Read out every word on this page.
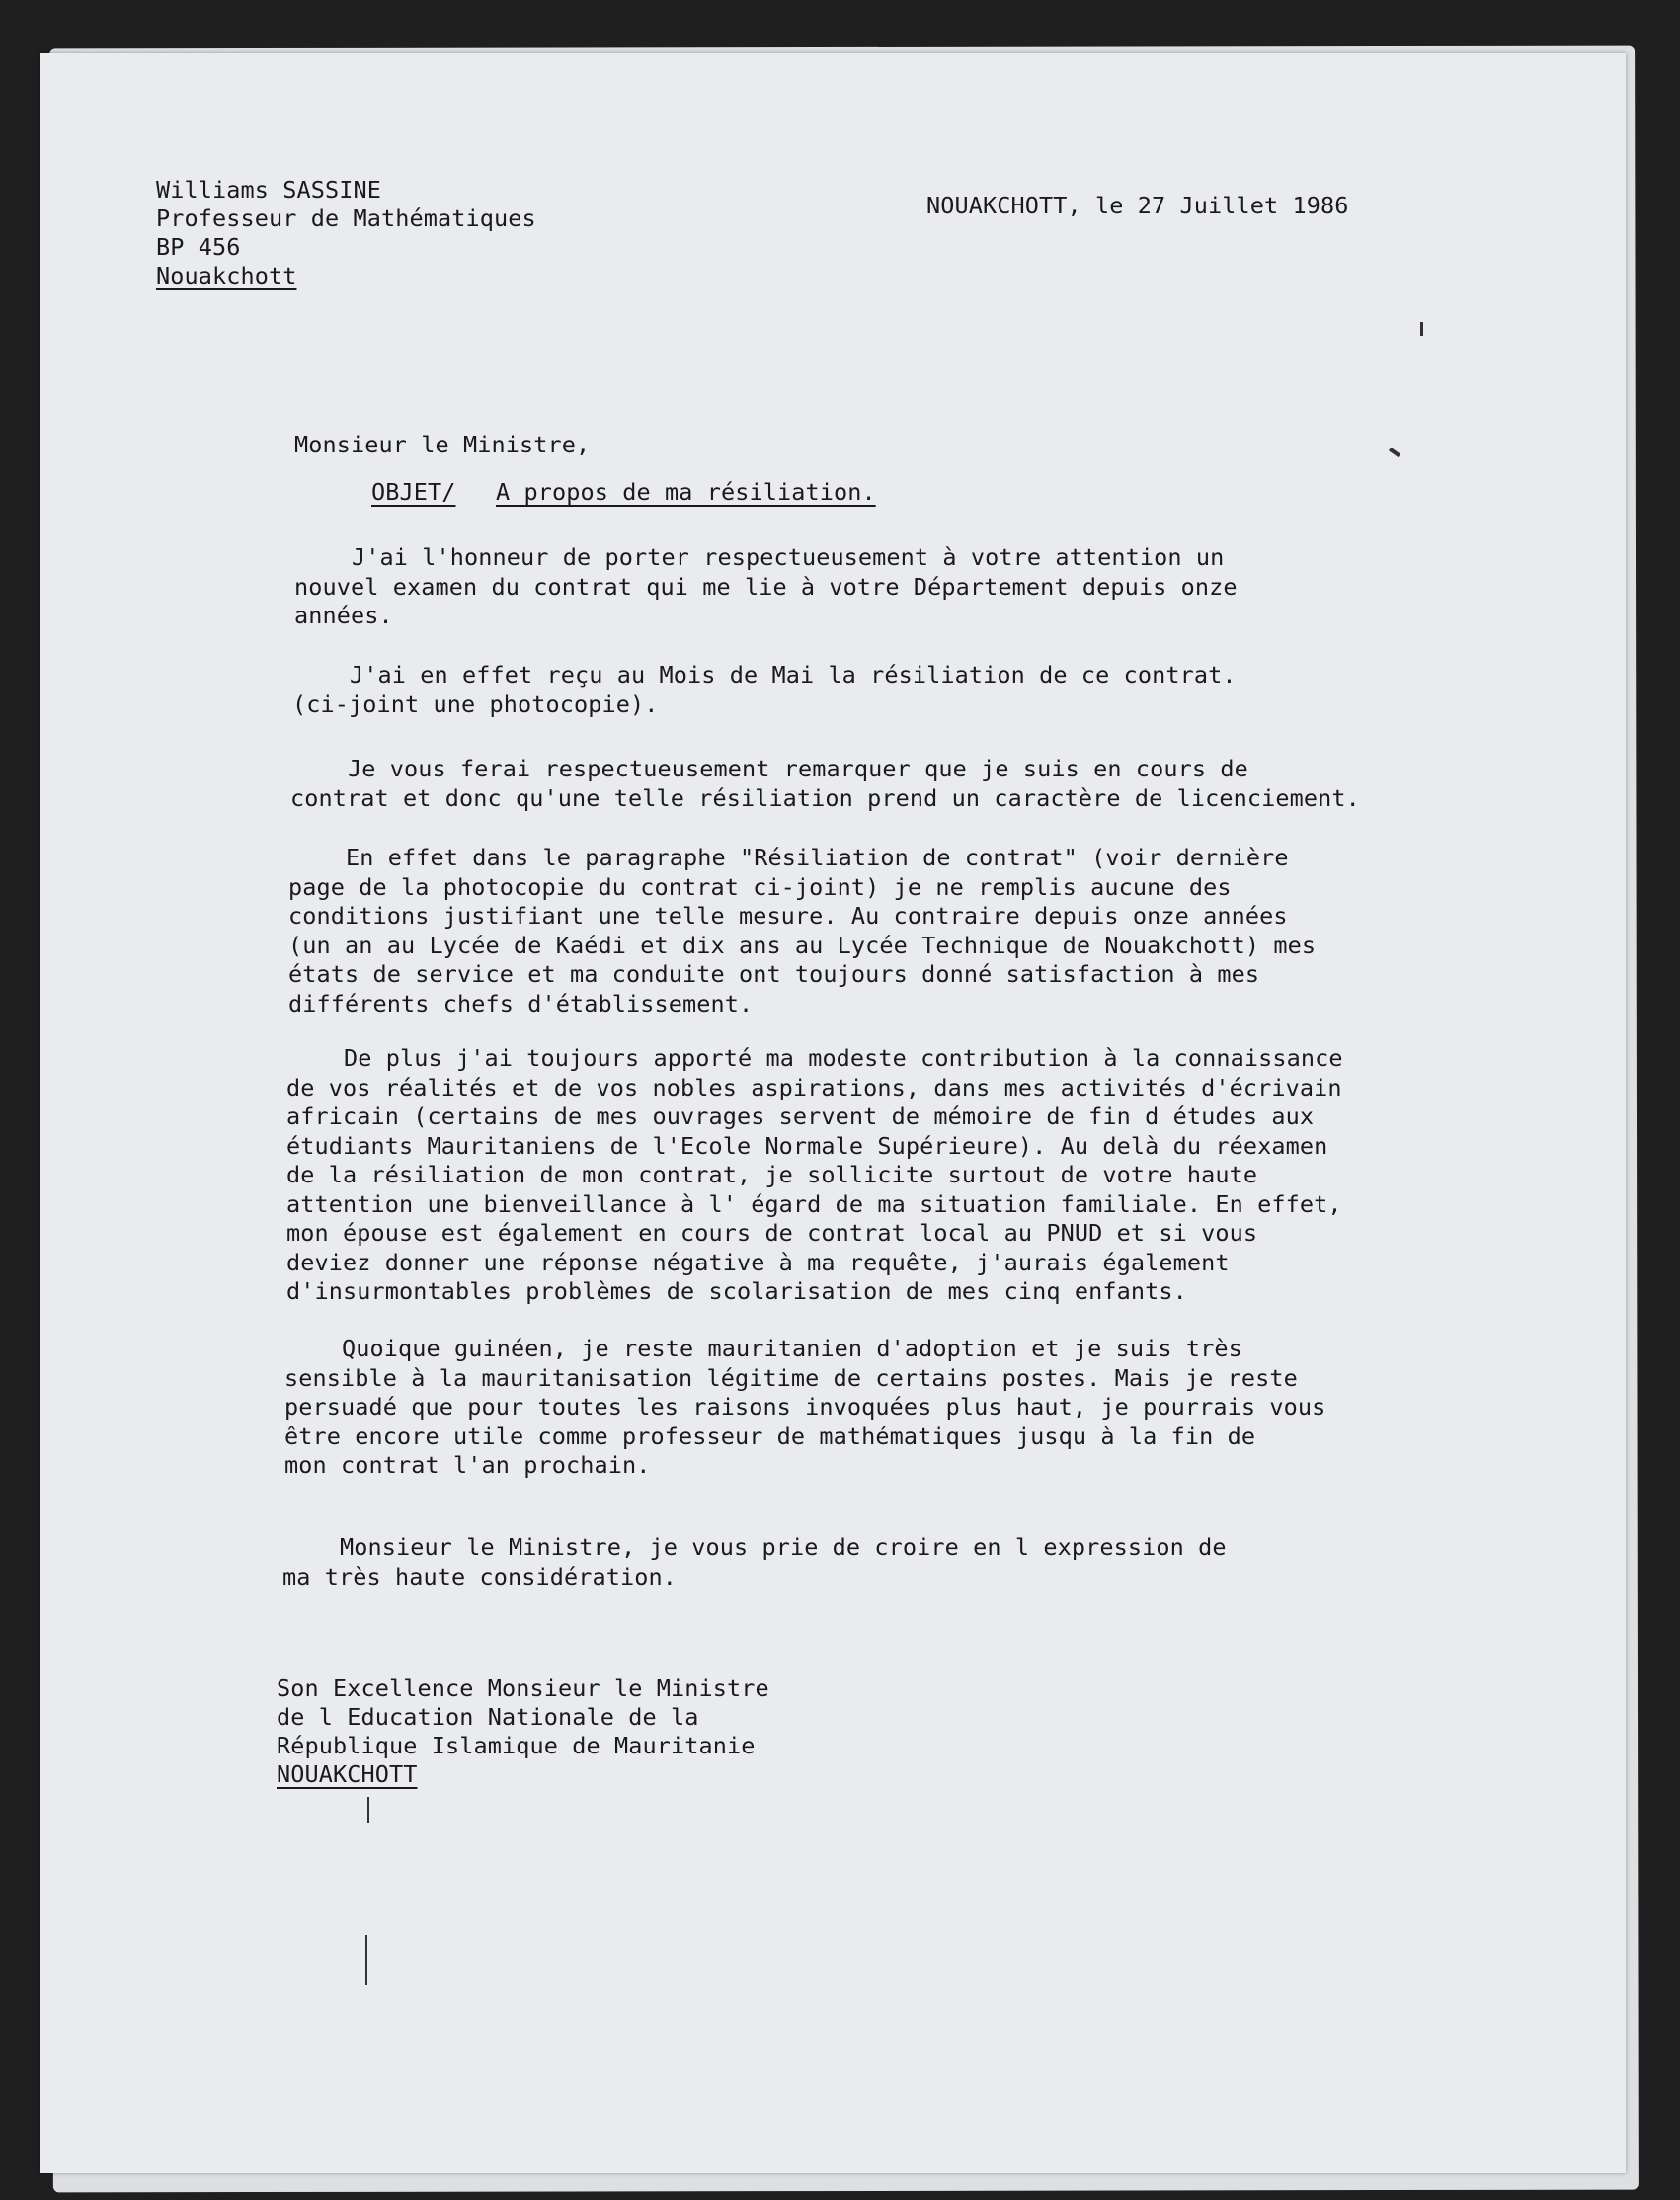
Williams SASSINE
Professeur de Mathématiques
BP 456
Nouakchott
NOUAKCHOTT, le 27 Juillet 1986
Monsieur le Ministre,
OBJET/ A propos de ma résiliation.
J'ai l'honneur de porter respectueusement à votre attention un
nouvel examen du contrat qui me lie à votre Département depuis onze
années.
J'ai en effet reçu au Mois de Mai la résiliation de ce contrat.
(ci-joint une photocopie).
Je vous ferai respectueusement remarquer que je suis en cours de
contrat et donc qu'une telle résiliation prend un caractère de licenciement.
En effet dans le paragraphe "Résiliation de contrat" (voir dernière
page de la photocopie du contrat ci-joint) je ne remplis aucune des
conditions justifiant une telle mesure. Au contraire depuis onze années
(un an au Lycée de Kaédi et dix ans au Lycée Technique de Nouakchott) mes
états de service et ma conduite ont toujours donné satisfaction à mes
différents chefs d'établissement.
De plus j'ai toujours apporté ma modeste contribution à la connaissance
de vos réalités et de vos nobles aspirations, dans mes activités d'écrivain
africain (certains de mes ouvrages servent de mémoire de fin d études aux
étudiants Mauritaniens de l'Ecole Normale Supérieure). Au delà du réexamen
de la résiliation de mon contrat, je sollicite surtout de votre haute
attention une bienveillance à l' égard de ma situation familiale. En effet,
mon épouse est également en cours de contrat local au PNUD et si vous
deviez donner une réponse négative à ma requête, j'aurais également
d'insurmontables problèmes de scolarisation de mes cinq enfants.
Quoique guinéen, je reste mauritanien d'adoption et je suis très
sensible à la mauritanisation légitime de certains postes. Mais je reste
persuadé que pour toutes les raisons invoquées plus haut, je pourrais vous
être encore utile comme professeur de mathématiques jusqu à la fin de
mon contrat l'an prochain.
Monsieur le Ministre, je vous prie de croire en l expression de
ma très haute considération.
Son Excellence Monsieur le Ministre
de l Education Nationale de la
République Islamique de Mauritanie
NOUAKCHOTT
